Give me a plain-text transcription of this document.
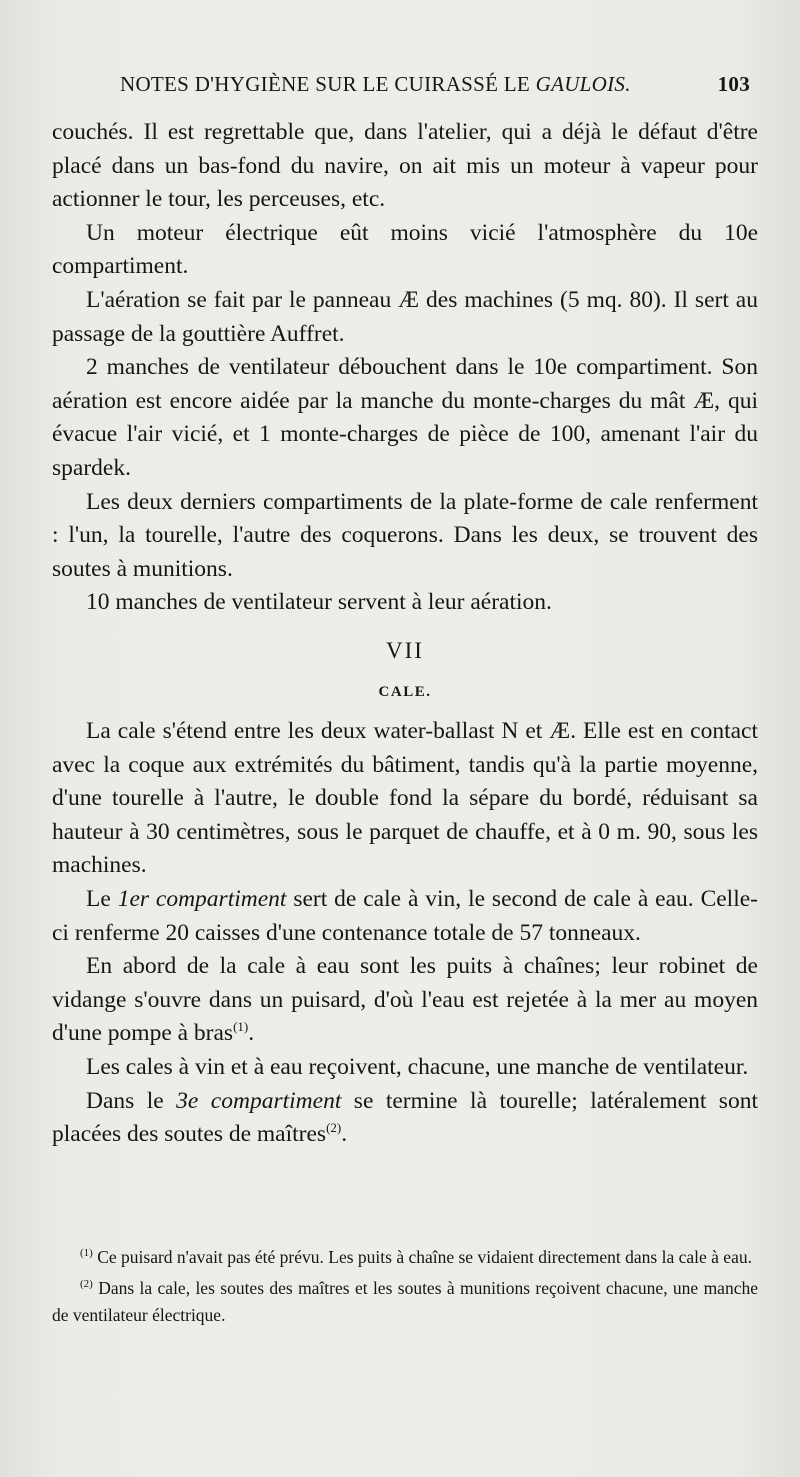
NOTES D'HYGIÈNE SUR LE CUIRASSÉ LE GAULOIS.	103

couchés. Il est regrettable que, dans l'atelier, qui a déjà le défaut d'être placé dans un bas-fond du navire, on ait mis un moteur à vapeur pour actionner le tour, les perceuses, etc.

Un moteur électrique eût moins vicié l'atmosphère du 10e compartiment.

L'aération se fait par le panneau Æ des machines (5 mq. 80). Il sert au passage de la gouttière Auffret.

2 manches de ventilateur débouchent dans le 10e compartiment. Son aération est encore aidée par la manche du monte-charges du mât Æ, qui évacue l'air vicié, et 1 monte-charges de pièce de 100, amenant l'air du spardek.

Les deux derniers compartiments de la plate-forme de cale renferment : l'un, la tourelle, l'autre des coquerons. Dans les deux, se trouvent des soutes à munitions.

10 manches de ventilateur servent à leur aération.

VII
CALE.

La cale s'étend entre les deux water-ballast N et Æ. Elle est en contact avec la coque aux extrémités du bâtiment, tandis qu'à la partie moyenne, d'une tourelle à l'autre, le double fond la sépare du bordé, réduisant sa hauteur à 30 centimètres, sous le parquet de chauffe, et à 0 m. 90, sous les machines.

Le 1er compartiment sert de cale à vin, le second de cale à eau. Celle-ci renferme 20 caisses d'une contenance totale de 57 tonneaux.

En abord de la cale à eau sont les puits à chaînes; leur robinet de vidange s'ouvre dans un puisard, d'où l'eau est rejetée à la mer au moyen d'une pompe à bras$^{(1)}$.

Les cales à vin et à eau reçoivent, chacune, une manche de ventilateur.

Dans le 3e compartiment se termine là tourelle; latéralement sont placées des soutes de maîtres$^{(2)}$.

$^{(1)}$ Ce puisard n'avait pas été prévu. Les puits à chaîne se vidaient directement dans la cale à eau.

$^{(2)}$ Dans la cale, les soutes des maîtres et les soutes à munitions reçoivent chacune, une manche de ventilateur électrique.
